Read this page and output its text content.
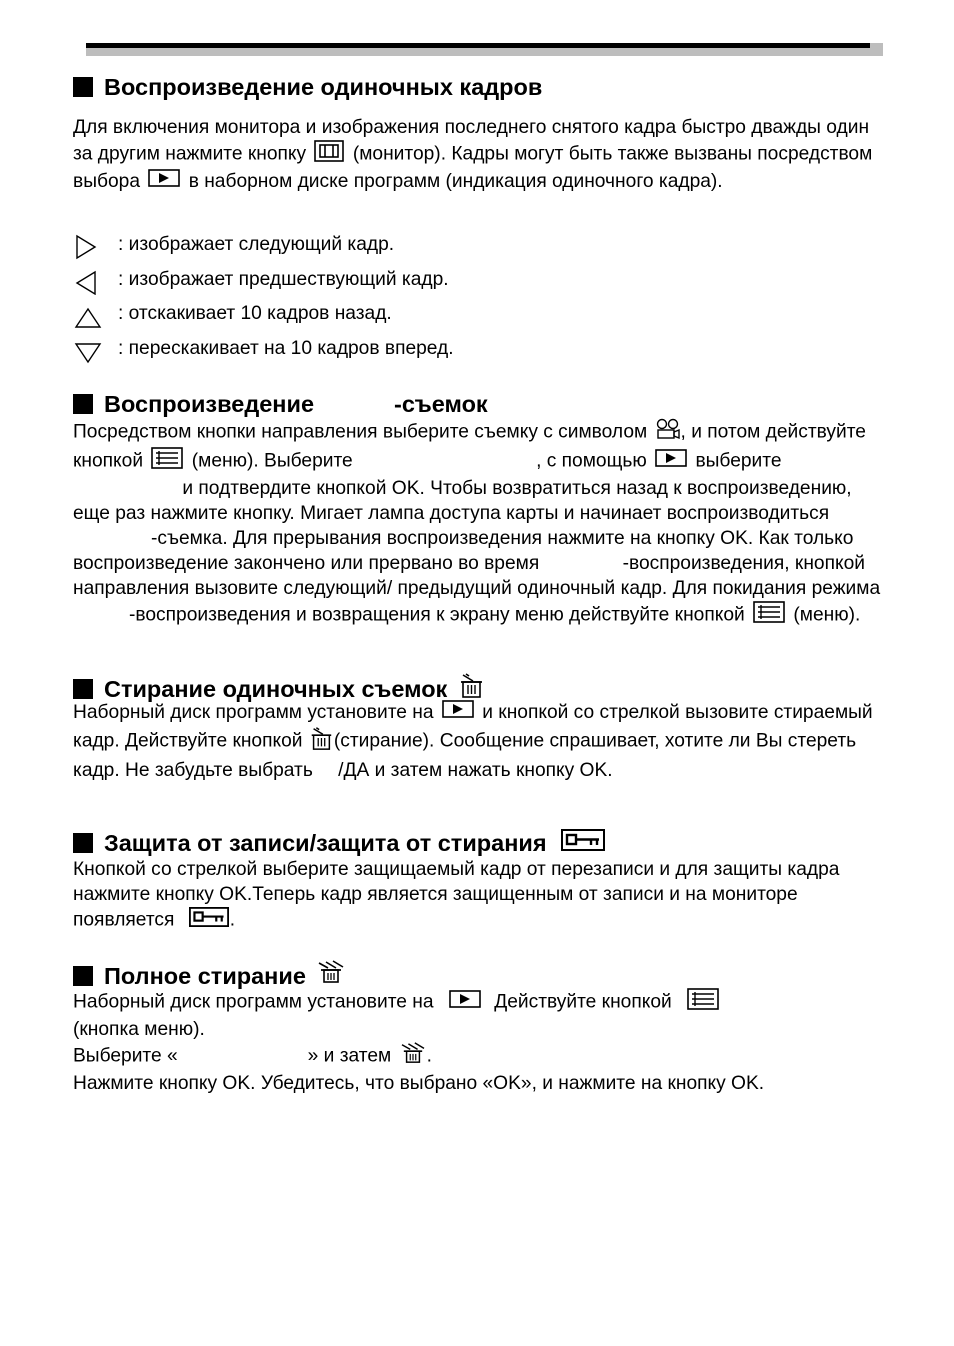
Воспроизведение одиночных кадров

Для включения монитора и изображения последнего снятого кадра быстро дважды один за другим нажмите кнопку (монитор). Кадры могут быть также вызваны посредством выбора	в наборном диске программ (индикация одиночного кадра).

: изображает следующий кадр.
: изображает предшествующий кадр.
: отскакивает 10 кадров назад.
: перескакивает на 10 кадров вперед.
Воспроизведение	-съемок

Посредством кнопки направления выберите съемку с символом , и потом действуйте кнопкой	(меню). Выберите	, с помощью	выберите  и подтвердите кнопкой OK. Чтобы возвратиться назад к воспроизведению, еще раз нажмите кнопку. Мигает лампа доступа карты и начинает воспроизводиться -съемка. Для прерывания воспроизведения нажмите на кнопку OK. Как только воспроизведение закончено или прервано во время	-воспроизведения, кнопкой направления вызовите следующий/ предыдущий одиночный кадр. Для покидания режима -воспроизведения и возвращения к экрану меню действуйте кнопкой	(меню).

Стирание одиночных съемок

Наборный диск программ установите на	и кнопкой со стрелкой вызовите стираемый кадр. Действуйте кнопкой (стирание). Сообщение спрашивает, хотите ли Вы стереть кадр. Не забудьте выбрать /ДА и затем нажать кнопку OK.

Защита от записи/защита от стирания

Кнопкой со стрелкой выберите защищаемый кадр от перезаписи и для защиты кадра нажмите кнопку OK.Теперь кадр является защищенным от записи и на мониторе появляется	.

Полное стирание

Наборный диск программ установите на	Действуйте кнопкой
(кнопка меню).
Выберите «	» и затем .
Нажмите кнопку OK. Убедитесь, что выбрано «OK», и нажмите на кнопку OK.
